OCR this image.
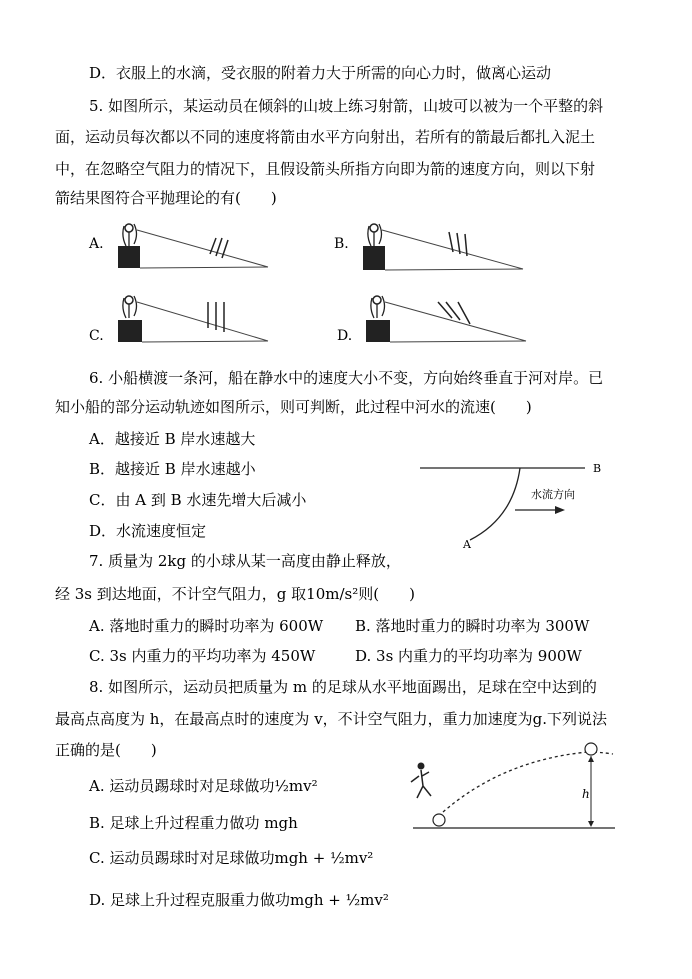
D．衣服上的水滴，受衣服的附着力大于所需的向心力时，做离心运动
5. 如图所示，某运动员在倾斜的山坡上练习射箭，山坡可以被为一个平整的斜
面，运动员每次都以不同的速度将箭由水平方向射出，若所有的箭最后都扎入泥土
中，在忽略空气阻力的情况下，且假设箭头所指方向即为箭的速度方向，则以下射
箭结果图符合平抛理论的有(　　)
A.	B.
C.	D.
6. 小船横渡一条河，船在静水中的速度大小不变，方向始终垂直于河对岸。已
知小船的部分运动轨迹如图所示，则可判断，此过程中河水的流速(　　)
A．越接近 B 岸水速越大
B．越接近 B 岸水速越小
C．由 A 到 B 水速先增大后减小
D．水流速度恒定
B
A
水流方向
7. 质量为 2kg 的小球从某一高度由静止释放，
经 3s 到达地面，不计空气阻力，g 取10m/s²则(　　)
A. 落地时重力的瞬时功率为 600W B. 落地时重力的瞬时功率为 300W
C. 3s 内重力的平均功率为 450W	D. 3s 内重力的平均功率为 900W
8. 如图所示，运动员把质量为 m 的足球从水平地面踢出，足球在空中达到的
最高点高度为 h，在最高点时的速度为 v，不计空气阻力，重力加速度为g.下列说法
正确的是(　　)
A. 运动员踢球时对足球做功½mv²
B. 足球上升过程重力做功 mgh
C. 运动员踢球时对足球做功mgh + ½mv²
D. 足球上升过程克服重力做功mgh + ½mv²
h
